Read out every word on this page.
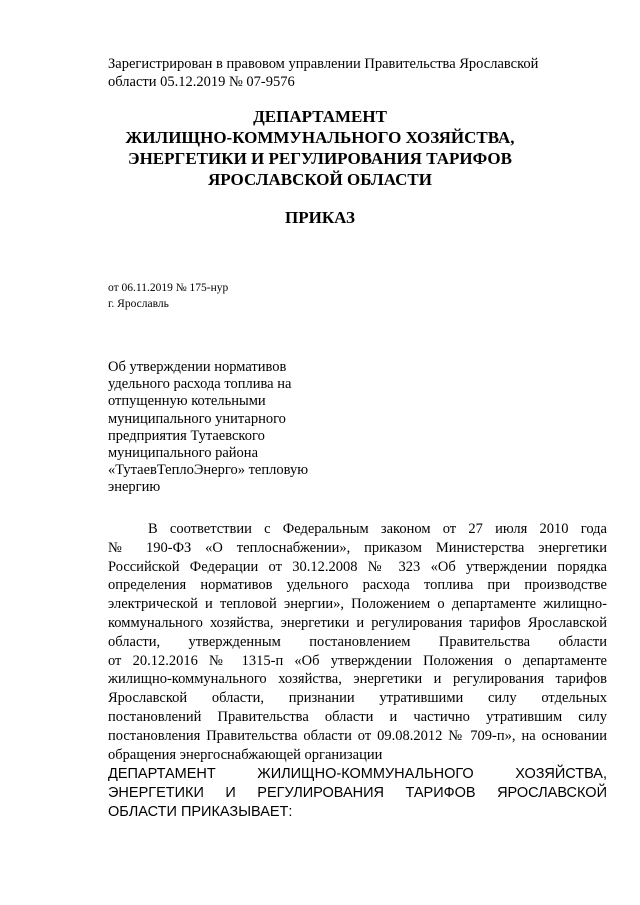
Зарегистрирован в правовом управлении Правительства Ярославской
области 05.12.2019 № 07-9576
ДЕПАРТАМЕНТ
ЖИЛИЩНО-КОММУНАЛЬНОГО ХОЗЯЙСТВА,
ЭНЕРГЕТИКИ И РЕГУЛИРОВАНИЯ ТАРИФОВ
ЯРОСЛАВСКОЙ ОБЛАСТИ
ПРИКАЗ
от 06.11.2019 № 175-нур
г. Ярославль
Об утверждении нормативов
удельного расхода топлива на
отпущенную котельными
муниципального унитарного
предприятия Тутаевского
муниципального района
«ТутаевТеплоЭнерго» тепловую
энергию
В соответствии с Федеральным законом от 27 июля 2010 года
№ 190-ФЗ «О теплоснабжении», приказом Министерства энергетики
Российской Федерации от 30.12.2008 № 323 «Об утверждении порядка
определения нормативов удельного расхода топлива при производстве
электрической и тепловой энергии», Положением о департаменте жилищно-
коммунального хозяйства, энергетики и регулирования тарифов Ярославской
области, утвержденным постановлением Правительства области
от 20.12.2016 № 1315-п «Об утверждении Положения о департаменте
жилищно-коммунального хозяйства, энергетики и регулирования тарифов
Ярославской области, признании утратившими силу отдельных
постановлений Правительства области и частично утратившим силу
постановления Правительства области от 09.08.2012 № 709-п», на основании
обращения энергоснабжающей организации
ДЕПАРТАМЕНТ ЖИЛИЩНО-КОММУНАЛЬНОГО ХОЗЯЙСТВА,
ЭНЕРГЕТИКИ И РЕГУЛИРОВАНИЯ ТАРИФОВ ЯРОСЛАВСКОЙ
ОБЛАСТИ ПРИКАЗЫВАЕТ:
